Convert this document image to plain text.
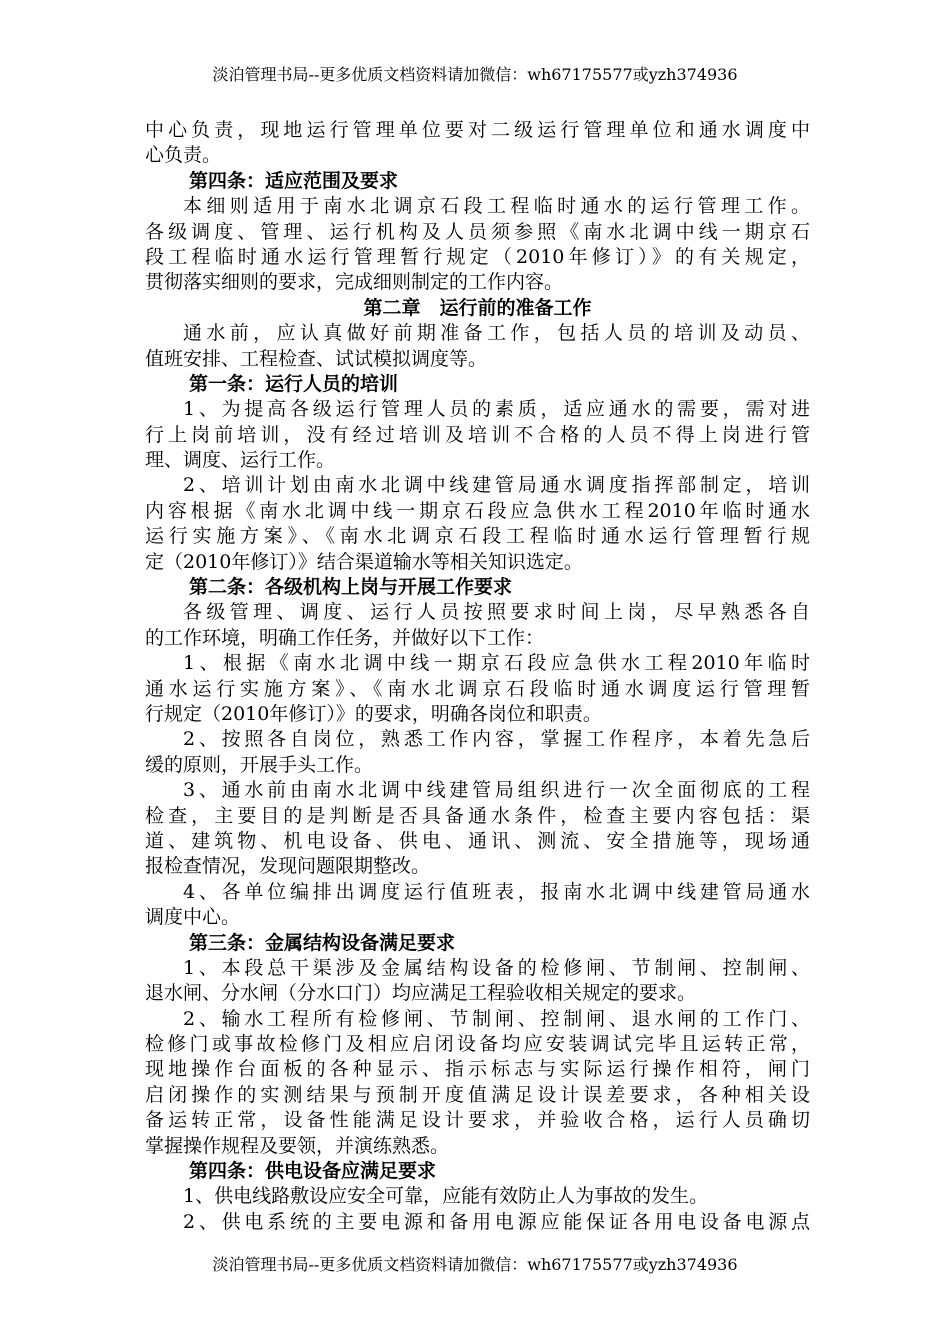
淡泊管理书局--更多优质文档资料请加微信：wh67175577或yzh374936
中心负责，现地运行管理单位要对二级运行管理单位和通水调度中
心负责。
第四条：适应范围及要求
本细则适用于南水北调京石段工程临时通水的运行管理工作。
各级调度、管理、运行机构及人员须参照《南水北调中线一期京石
段工程临时通水运行管理暂行规定（2010年修订）》的有关规定，
贯彻落实细则的要求，完成细则制定的工作内容。
第二章　运行前的准备工作
通水前，应认真做好前期准备工作，包括人员的培训及动员、
值班安排、工程检查、试试模拟调度等。
第一条：运行人员的培训
1、为提高各级运行管理人员的素质，适应通水的需要，需对进
行上岗前培训，没有经过培训及培训不合格的人员不得上岗进行管
理、调度、运行工作。
2、培训计划由南水北调中线建管局通水调度指挥部制定，培训
内容根据《南水北调中线一期京石段应急供水工程2010年临时通水
运行实施方案》、《南水北调京石段工程临时通水运行管理暂行规
定（2010年修订）》结合渠道输水等相关知识选定。
第二条：各级机构上岗与开展工作要求
各级管理、调度、运行人员按照要求时间上岗，尽早熟悉各自
的工作环境，明确工作任务，并做好以下工作：
1、根据《南水北调中线一期京石段应急供水工程2010年临时
通水运行实施方案》、《南水北调京石段临时通水调度运行管理暂
行规定（2010年修订）》的要求，明确各岗位和职责。
2、按照各自岗位，熟悉工作内容，掌握工作程序，本着先急后
缓的原则，开展手头工作。
3、通水前由南水北调中线建管局组织进行一次全面彻底的工程
检查，主要目的是判断是否具备通水条件，检查主要内容包括：渠
道、建筑物、机电设备、供电、通讯、测流、安全措施等，现场通
报检查情况，发现问题限期整改。
4、各单位编排出调度运行值班表，报南水北调中线建管局通水
调度中心。
第三条：金属结构设备满足要求
1、本段总干渠涉及金属结构设备的检修闸、节制闸、控制闸、
退水闸、分水闸（分水口门）均应满足工程验收相关规定的要求。
2、输水工程所有检修闸、节制闸、控制闸、退水闸的工作门、
检修门或事故检修门及相应启闭设备均应安装调试完毕且运转正常，
现地操作台面板的各种显示、指示标志与实际运行操作相符，闸门
启闭操作的实测结果与预制开度值满足设计误差要求，各种相关设
备运转正常，设备性能满足设计要求，并验收合格，运行人员确切
掌握操作规程及要领，并演练熟悉。
第四条：供电设备应满足要求
1、供电线路敷设应安全可靠，应能有效防止人为事故的发生。
2、供电系统的主要电源和备用电源应能保证各用电设备电源点
淡泊管理书局--更多优质文档资料请加微信：wh67175577或yzh374936
